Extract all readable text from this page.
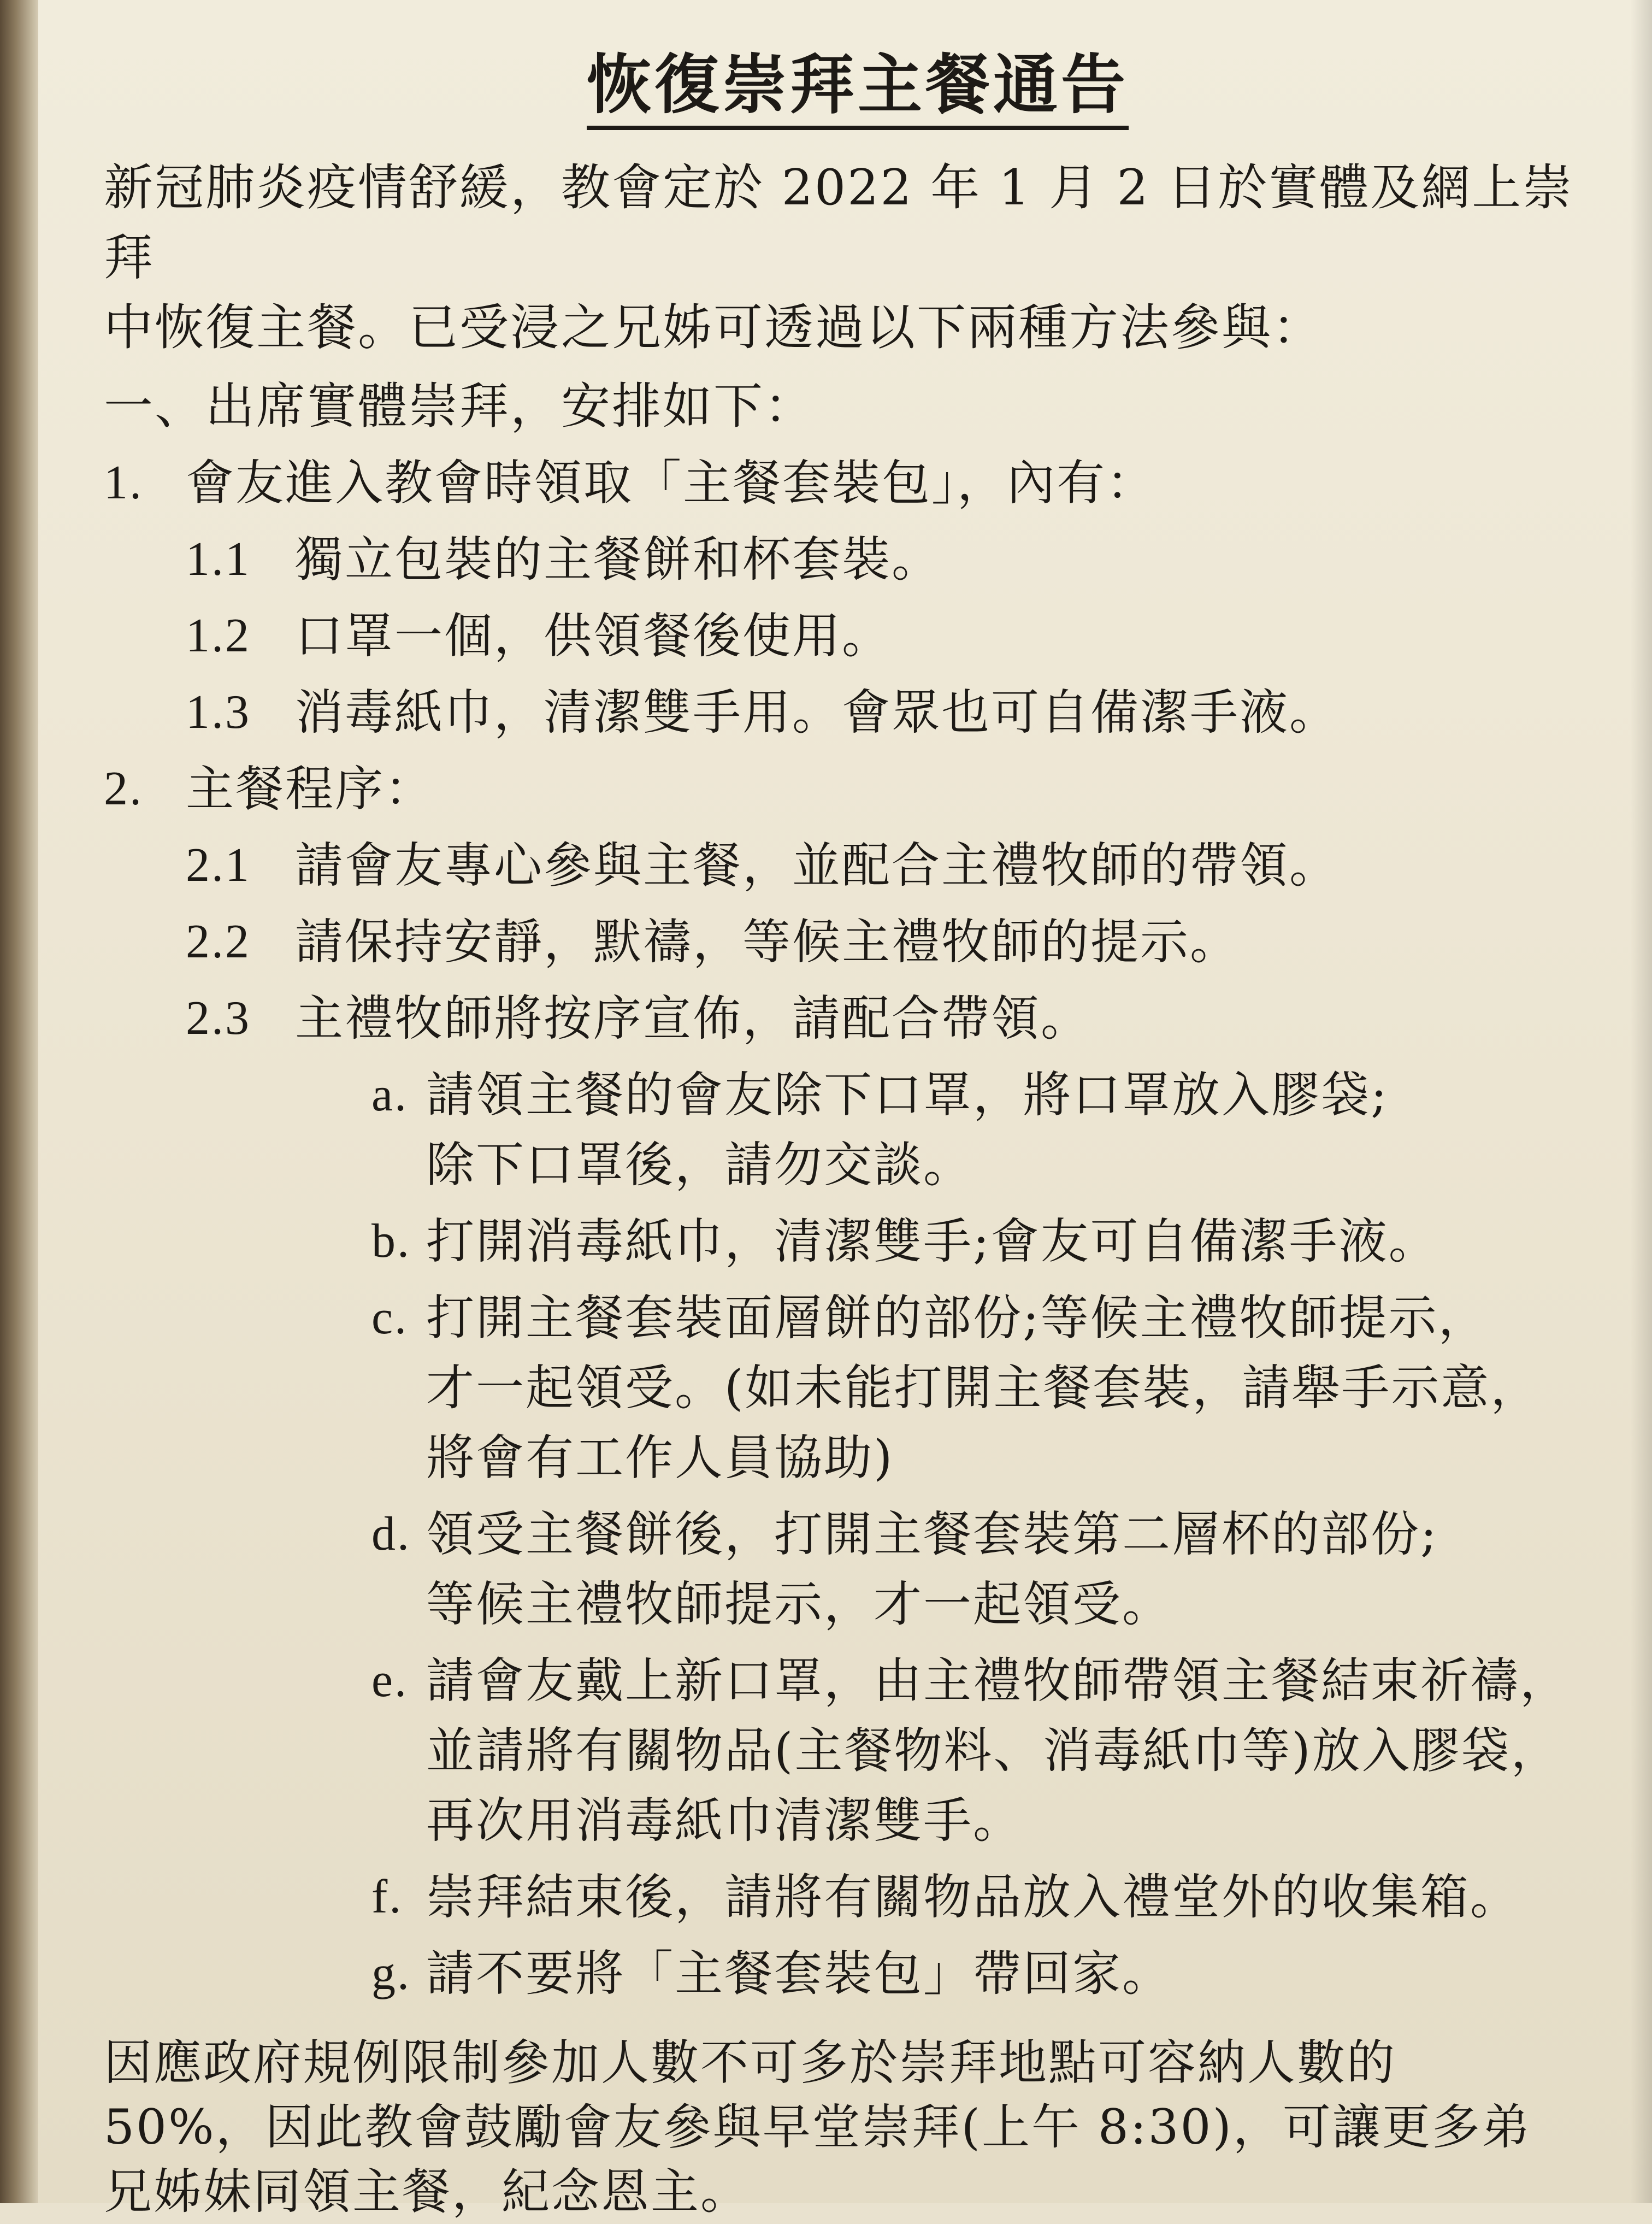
恢復崇拜主餐通告

新冠肺炎疫情舒緩，教會定於 2022 年 1 月 2 日於實體及網上崇拜

中恢復主餐。已受浸之兄姊可透過以下兩種方法參與：

一、出席實體崇拜，安排如下：
1. 會友進入教會時領取「主餐套裝包」，內有：
1.1 獨立包裝的主餐餅和杯套裝。
1.2 口罩一個，供領餐後使用。
1.3 消毒紙巾，清潔雙手用。會眾也可自備潔手液。
2. 主餐程序：
2.1 請會友專心參與主餐，並配合主禮牧師的帶領。
2.2 請保持安靜，默禱，等候主禮牧師的提示。
2.3 主禮牧師將按序宣佈，請配合帶領。
a. 請領主餐的會友除下口罩，將口罩放入膠袋;
除下口罩後，請勿交談。
b. 打開消毒紙巾，清潔雙手;會友可自備潔手液。
c. 打開主餐套裝面層餅的部份;等候主禮牧師提示，
才一起領受。(如未能打開主餐套裝，請舉手示意，
將會有工作人員協助)
d. 領受主餐餅後，打開主餐套裝第二層杯的部份;
等候主禮牧師提示，才一起領受。
e. 請會友戴上新口罩，由主禮牧師帶領主餐結束祈禱，
並請將有關物品(主餐物料、消毒紙巾等)放入膠袋，
再次用消毒紙巾清潔雙手。
f. 崇拜結束後，請將有關物品放入禮堂外的收集箱。
g. 請不要將「主餐套裝包」帶回家。
因應政府規例限制參加人數不可多於崇拜地點可容納人數的
50%，因此教會鼓勵會友參與早堂崇拜(上午 8:30)，可讓更多弟
兄姊妹同領主餐，紀念恩主。
